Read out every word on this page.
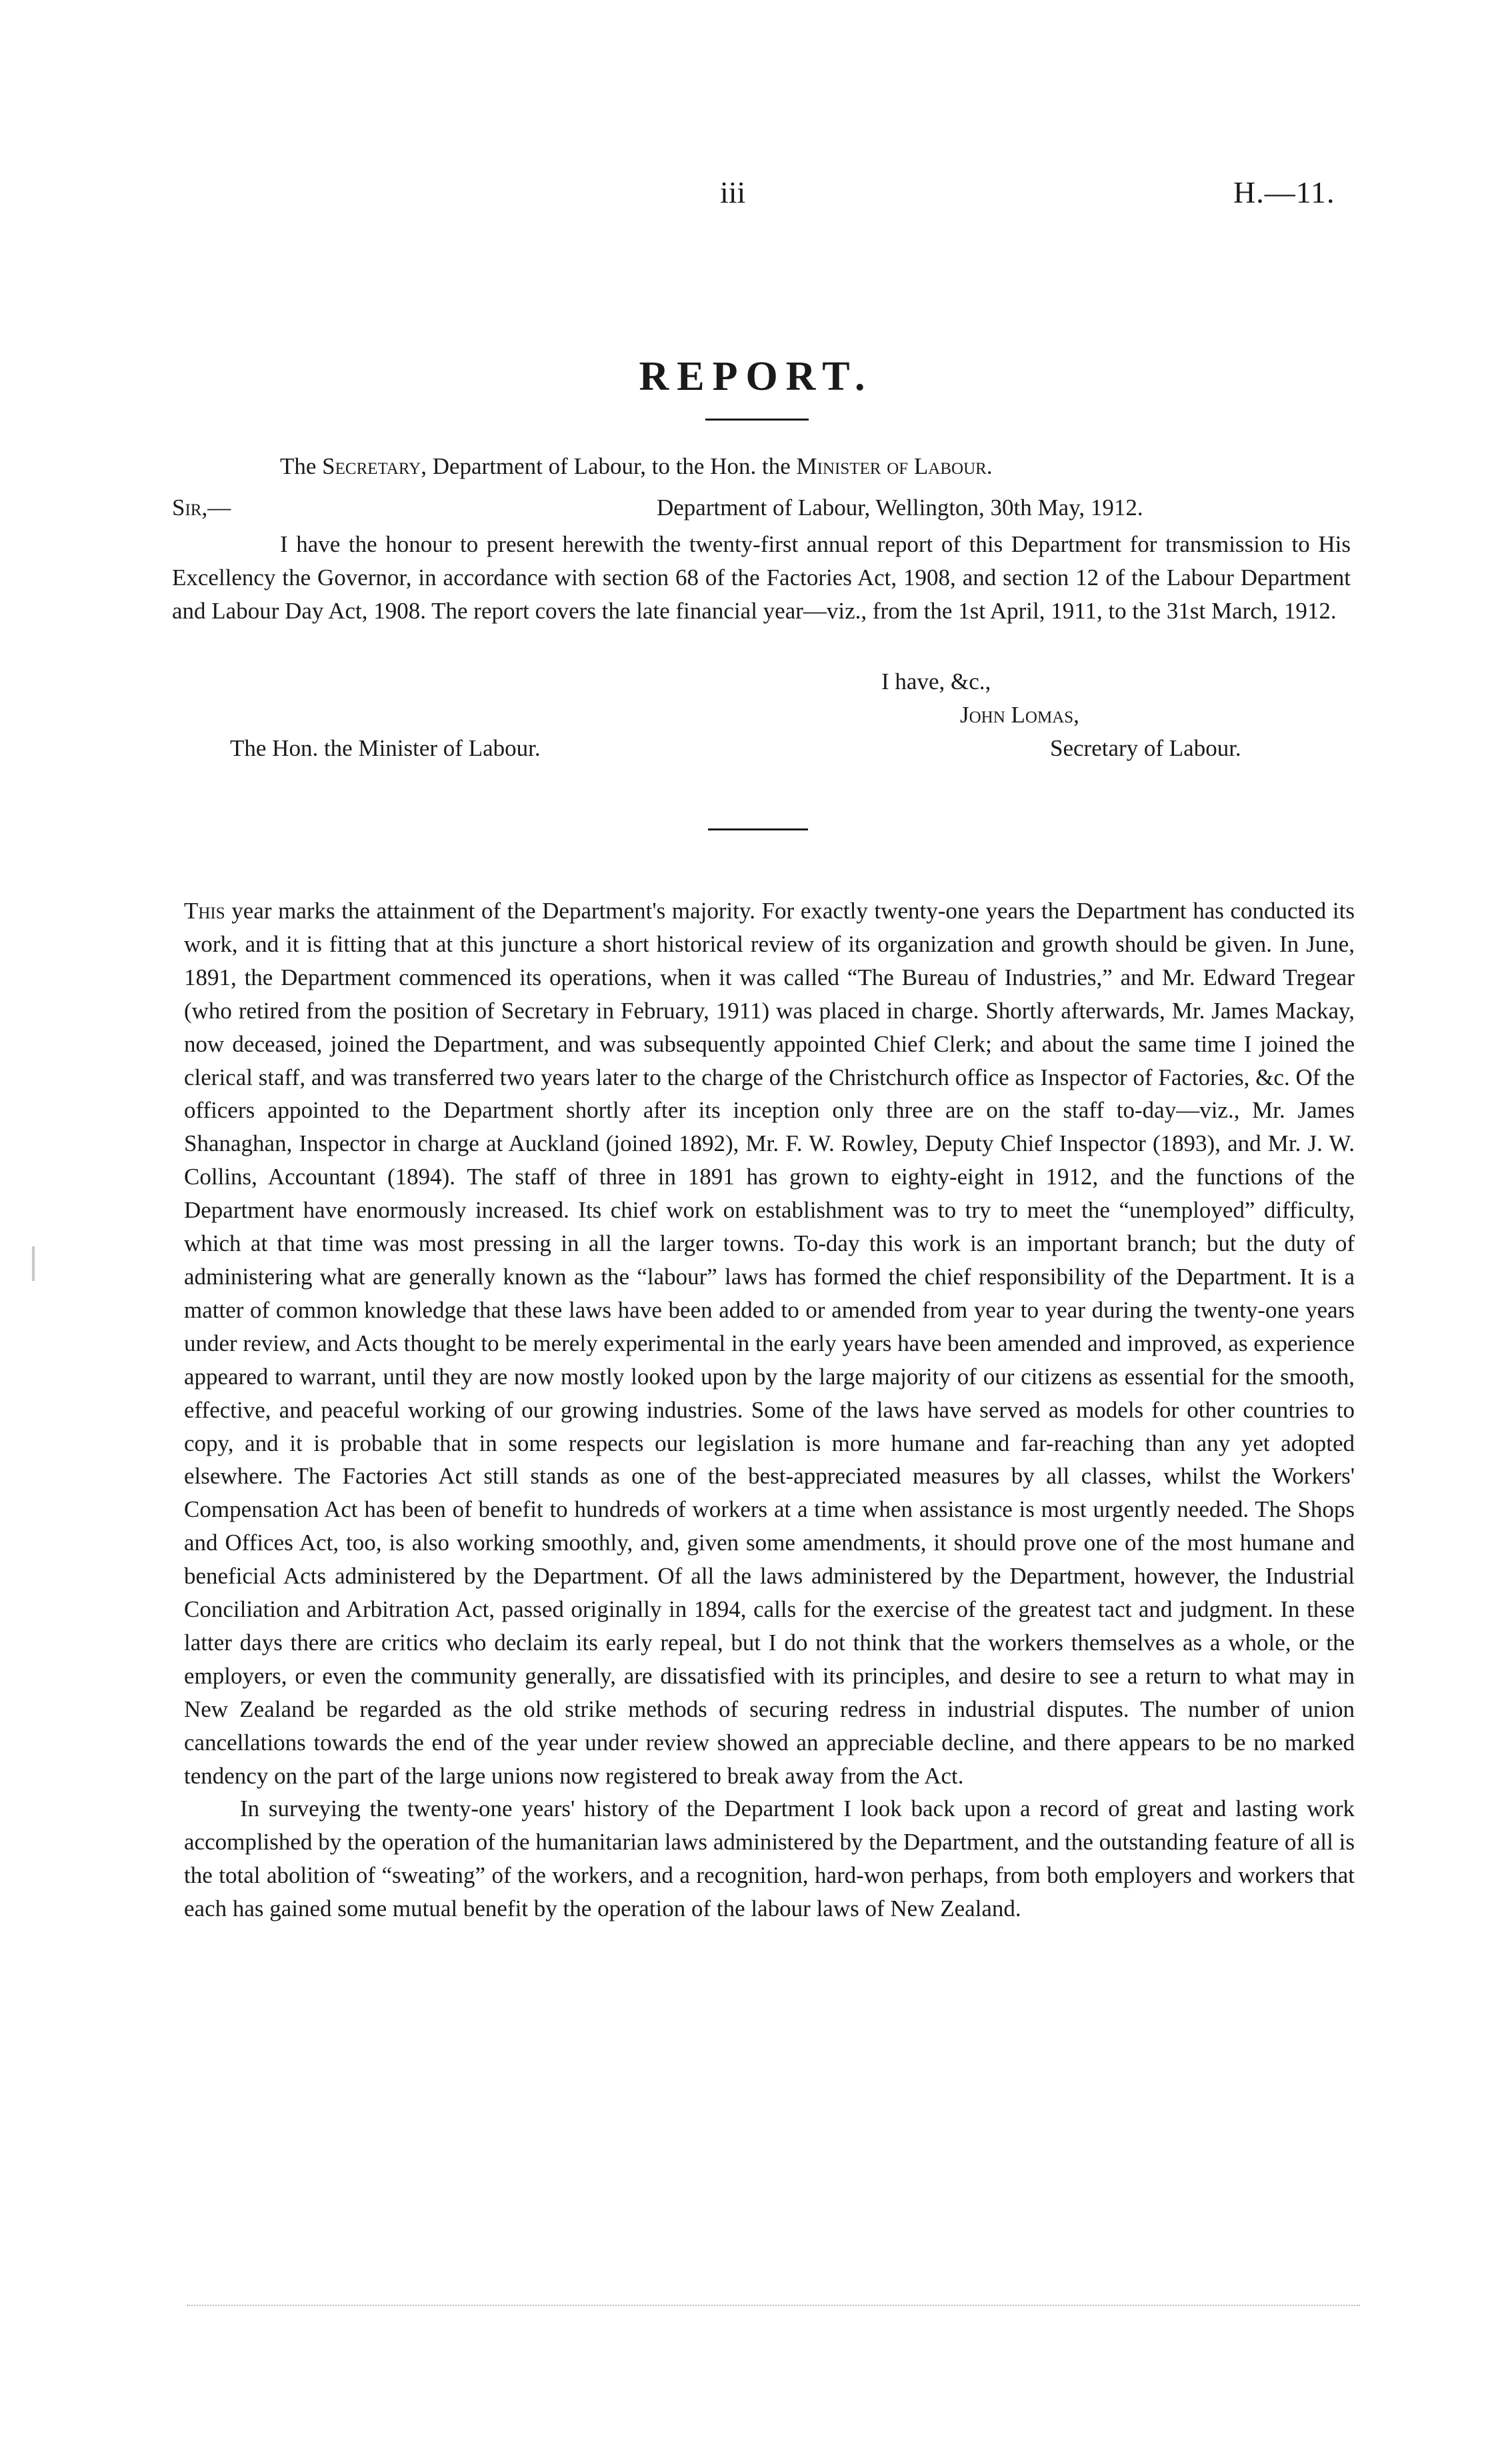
iii	H.—11.
REPORT.
The Secretary, Department of Labour, to the Hon. the Minister of Labour.
Sir,—	Department of Labour, Wellington, 30th May, 1912.

I have the honour to present herewith the twenty-first annual report of this Department for transmission to His Excellency the Governor, in accordance with section 68 of the Factories Act, 1908, and section 12 of the Labour Department and Labour Day Act, 1908. The report covers the late financial year—viz., from the 1st April, 1911, to the 31st March, 1912.

I have, &c.,
John Lomas,
The Hon. the Minister of Labour.	Secretary of Labour.

This year marks the attainment of the Department's majority. For exactly twenty-one years the Department has conducted its work, and it is fitting that at this juncture a short historical review of its organization and growth should be given. In June, 1891, the Department commenced its operations, when it was called “The Bureau of Industries,” and Mr. Edward Tregear (who retired from the position of Secretary in February, 1911) was placed in charge. Shortly afterwards, Mr. James Mackay, now deceased, joined the Department, and was subsequently appointed Chief Clerk; and about the same time I joined the clerical staff, and was transferred two years later to the charge of the Christchurch office as Inspector of Factories, &c. Of the officers appointed to the Department shortly after its inception only three are on the staff to-day—viz., Mr. James Shanaghan, Inspector in charge at Auckland (joined 1892), Mr. F. W. Rowley, Deputy Chief Inspector (1893), and Mr. J. W. Collins, Accountant (1894). The staff of three in 1891 has grown to eighty-eight in 1912, and the functions of the Department have enormously increased. Its chief work on establishment was to try to meet the “unemployed” difficulty, which at that time was most pressing in all the larger towns. To-day this work is an important branch; but the duty of administering what are generally known as the “labour” laws has formed the chief responsibility of the Department. It is a matter of common knowledge that these laws have been added to or amended from year to year during the twenty-one years under review, and Acts thought to be merely experimental in the early years have been amended and improved, as experience appeared to warrant, until they are now mostly looked upon by the large majority of our citizens as essential for the smooth, effective, and peaceful working of our growing industries. Some of the laws have served as models for other countries to copy, and it is probable that in some respects our legislation is more humane and far-reaching than any yet adopted elsewhere. The Factories Act still stands as one of the best-appreciated measures by all classes, whilst the Workers' Compensation Act has been of benefit to hundreds of workers at a time when assistance is most urgently needed. The Shops and Offices Act, too, is also working smoothly, and, given some amendments, it should prove one of the most humane and beneficial Acts administered by the Department. Of all the laws administered by the Department, however, the Industrial Conciliation and Arbitration Act, passed originally in 1894, calls for the exercise of the greatest tact and judgment. In these latter days there are critics who declaim its early repeal, but I do not think that the workers themselves as a whole, or the employers, or even the community generally, are dissatisfied with its principles, and desire to see a return to what may in New Zealand be regarded as the old strike methods of securing redress in industrial disputes. The number of union cancellations towards the end of the year under review showed an appreciable decline, and there appears to be no marked tendency on the part of the large unions now registered to break away from the Act.

In surveying the twenty-one years' history of the Department I look back upon a record of great and lasting work accomplished by the operation of the humanitarian laws administered by the Department, and the outstanding feature of all is the total abolition of “sweating” of the workers, and a recognition, hard-won perhaps, from both employers and workers that each has gained some mutual benefit by the operation of the labour laws of New Zealand.
